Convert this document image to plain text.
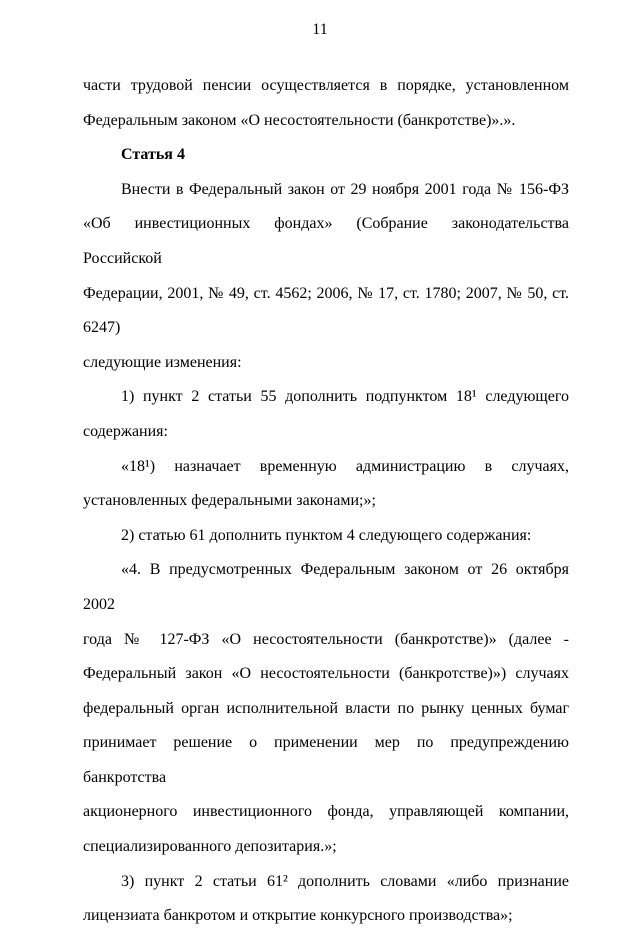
11
части трудовой пенсии осуществляется в порядке, установленном
Федеральным законом «О несостоятельности (банкротстве)».».
Статья 4
Внести в Федеральный закон от 29 ноября 2001 года № 156-ФЗ
«Об инвестиционных фондах» (Собрание законодательства Российской
Федерации, 2001, № 49, ст. 4562; 2006, № 17, ст. 1780; 2007, № 50, ст. 6247)
следующие изменения:
1) пункт 2 статьи 55 дополнить подпунктом 18¹ следующего
содержания:
«18¹) назначает временную администрацию в случаях,
установленных федеральными законами;»;
2) статью 61 дополнить пунктом 4 следующего содержания:
«4. В предусмотренных Федеральным законом от 26 октября 2002
года № 127-ФЗ «О несостоятельности (банкротстве)» (далее -
Федеральный закон «О несостоятельности (банкротстве)») случаях
федеральный орган исполнительной власти по рынку ценных бумаг
принимает решение о применении мер по предупреждению банкротства
акционерного инвестиционного фонда, управляющей компании,
специализированного депозитария.»;
3) пункт 2 статьи 61² дополнить словами «либо признание
лицензиата банкротом и открытие конкурсного производства»;
